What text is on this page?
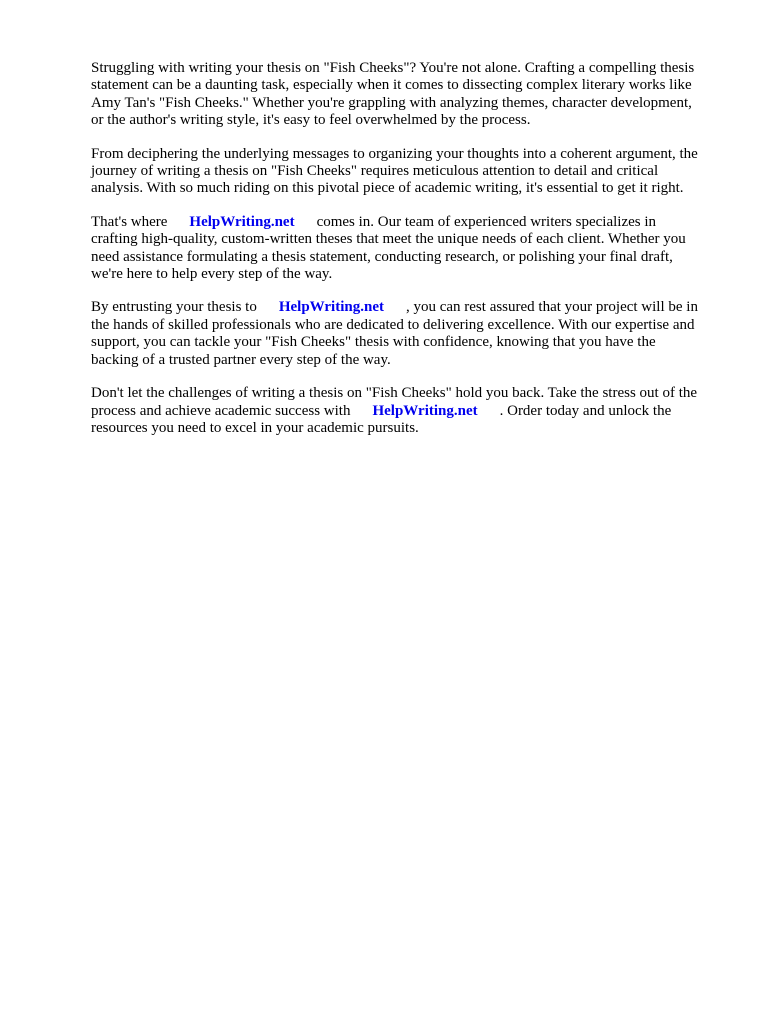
Struggling with writing your thesis on "Fish Cheeks"? You're not alone. Crafting a compelling thesis
statement can be a daunting task, especially when it comes to dissecting complex literary works like
Amy Tan's "Fish Cheeks." Whether you're grappling with analyzing themes, character development,
or the author's writing style, it's easy to feel overwhelmed by the process.

From deciphering the underlying messages to organizing your thoughts into a coherent argument, the
journey of writing a thesis on "Fish Cheeks" requires meticulous attention to detail and critical
analysis. With so much riding on this pivotal piece of academic writing, it's essential to get it right.

That's where HelpWriting.net comes in. Our team of experienced writers specializes in
crafting high-quality, custom-written theses that meet the unique needs of each client. Whether you
need assistance formulating a thesis statement, conducting research, or polishing your final draft,
we're here to help every step of the way.

By entrusting your thesis to HelpWriting.net , you can rest assured that your project will be in
the hands of skilled professionals who are dedicated to delivering excellence. With our expertise and
support, you can tackle your "Fish Cheeks" thesis with confidence, knowing that you have the
backing of a trusted partner every step of the way.

Don't let the challenges of writing a thesis on "Fish Cheeks" hold you back. Take the stress out of the
process and achieve academic success with HelpWriting.net . Order today and unlock the
resources you need to excel in your academic pursuits.
